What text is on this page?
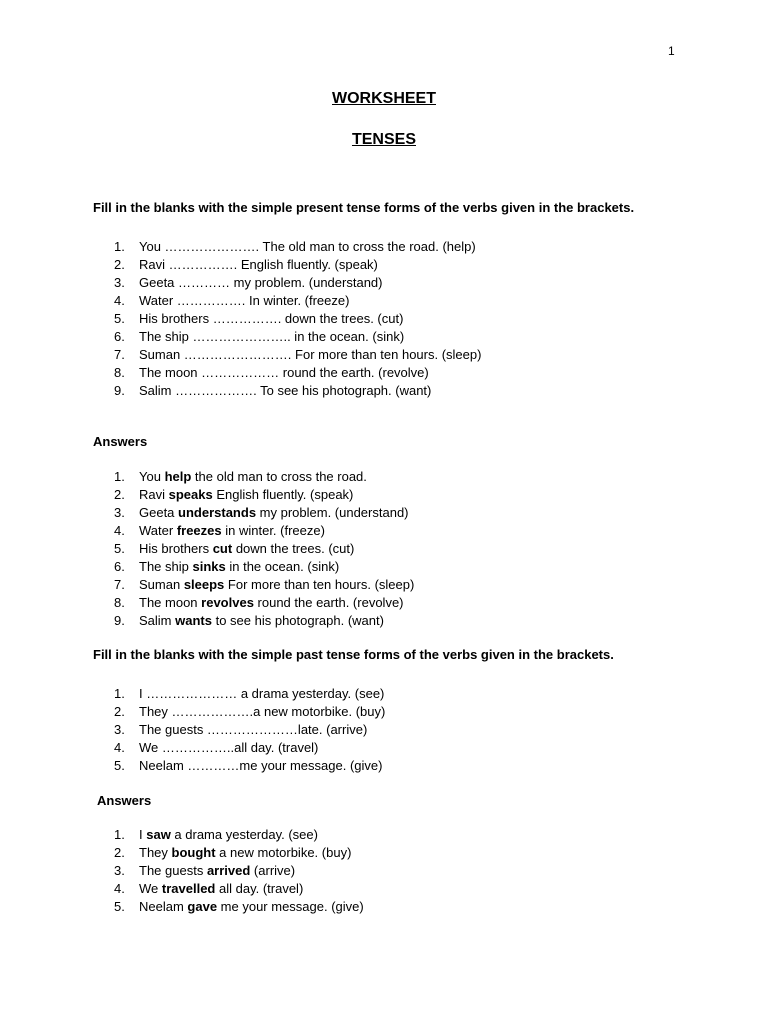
1
WORKSHEET
TENSES
Fill in the blanks with the simple present tense forms of the verbs given in the brackets.
1.	You …………………. The old man to cross the road. (help)
2.	Ravi ……………. English fluently. (speak)
3.	Geeta ………… my problem. (understand)
4.	Water ……………. In winter. (freeze)
5.	His brothers ……………. down the trees. (cut)
6.	The ship ………………….. in the ocean. (sink)
7.	Suman ……………………. For more than ten hours. (sleep)
8.	The moon ……………… round the earth. (revolve)
9.	Salim ………………. To see his photograph. (want)
Answers
1.	You help the old man to cross the road.
2.	Ravi speaks English fluently. (speak)
3.	Geeta understands my problem. (understand)
4.	Water freezes in winter. (freeze)
5.	His brothers cut down the trees. (cut)
6.	The ship sinks in the ocean. (sink)
7.	Suman sleeps For more than ten hours. (sleep)
8.	The moon revolves round the earth. (revolve)
9.	Salim wants to see his photograph. (want)
Fill in the blanks with the simple past tense forms of the verbs given in the brackets.
1.	I ………………… a drama yesterday. (see)
2.	They ……………….a new motorbike. (buy)
3.	The guests …………………late. (arrive)
4.	We ……………..all day. (travel)
5.	Neelam …………me your message. (give)
Answers
1.	I saw a drama yesterday. (see)
2.	They bought a new motorbike. (buy)
3.	The guests arrived (arrive)
4.	We travelled all day. (travel)
5.	Neelam gave me your message. (give)
